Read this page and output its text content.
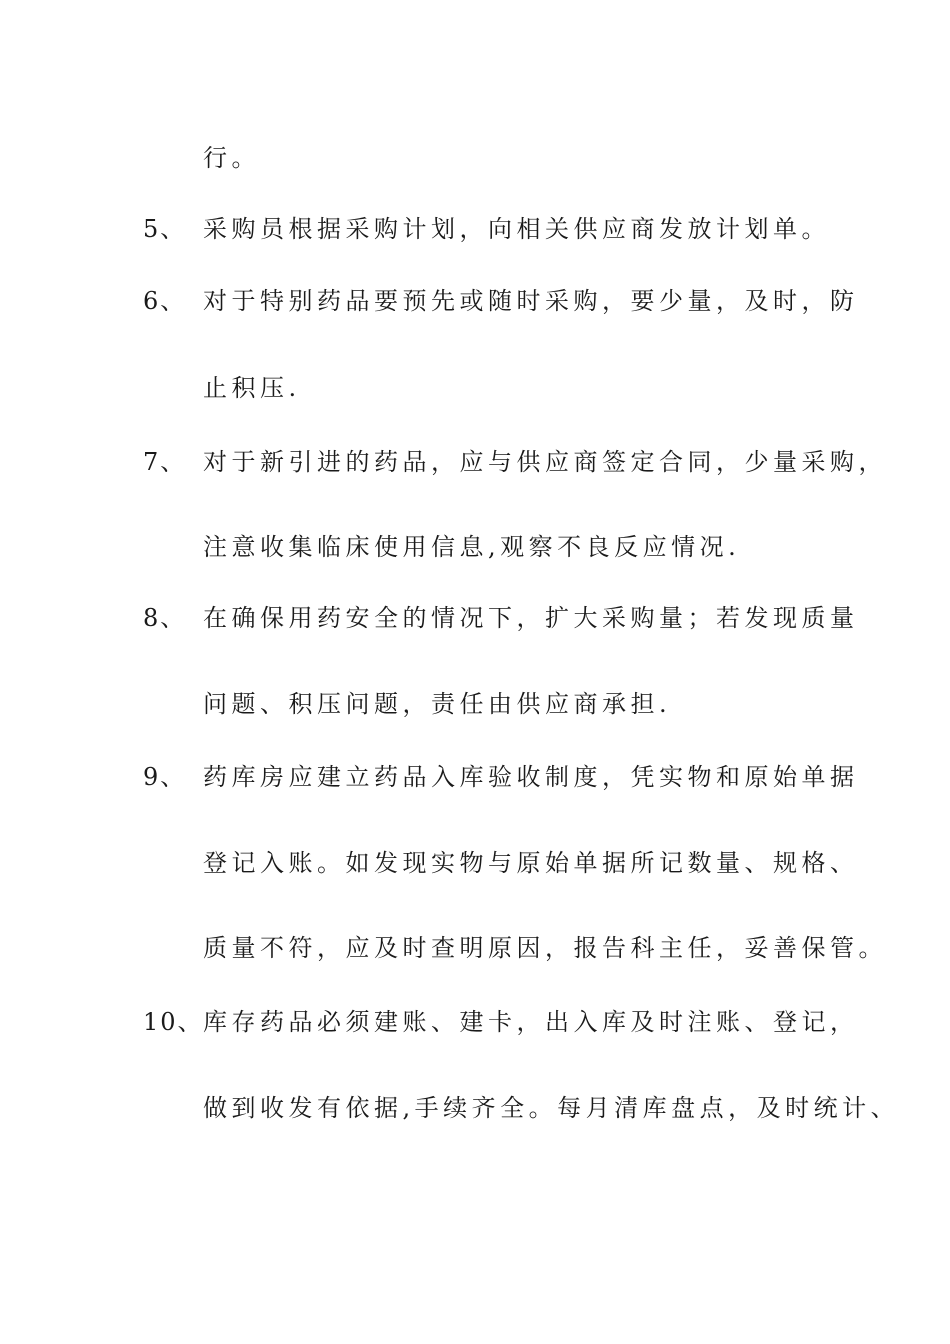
行。
5、 采购员根据采购计划，向相关供应商发放计划单。
6、 对于特别药品要预先或随时采购，要少量，及时，防
止积压.
7、 对于新引进的药品，应与供应商签定合同，少量采购，
注意收集临床使用信息,观察不良反应情况.
8、 在确保用药安全的情况下，扩大采购量；若发现质量
问题、积压问题，责任由供应商承担.
9、 药库房应建立药品入库验收制度，凭实物和原始单据
登记入账。如发现实物与原始单据所记数量、规格、
质量不符，应及时查明原因，报告科主任，妥善保管。
10、 库存药品必须建账、建卡，出入库及时注账、登记，
做到收发有依据,手续齐全。每月清库盘点，及时统计、
